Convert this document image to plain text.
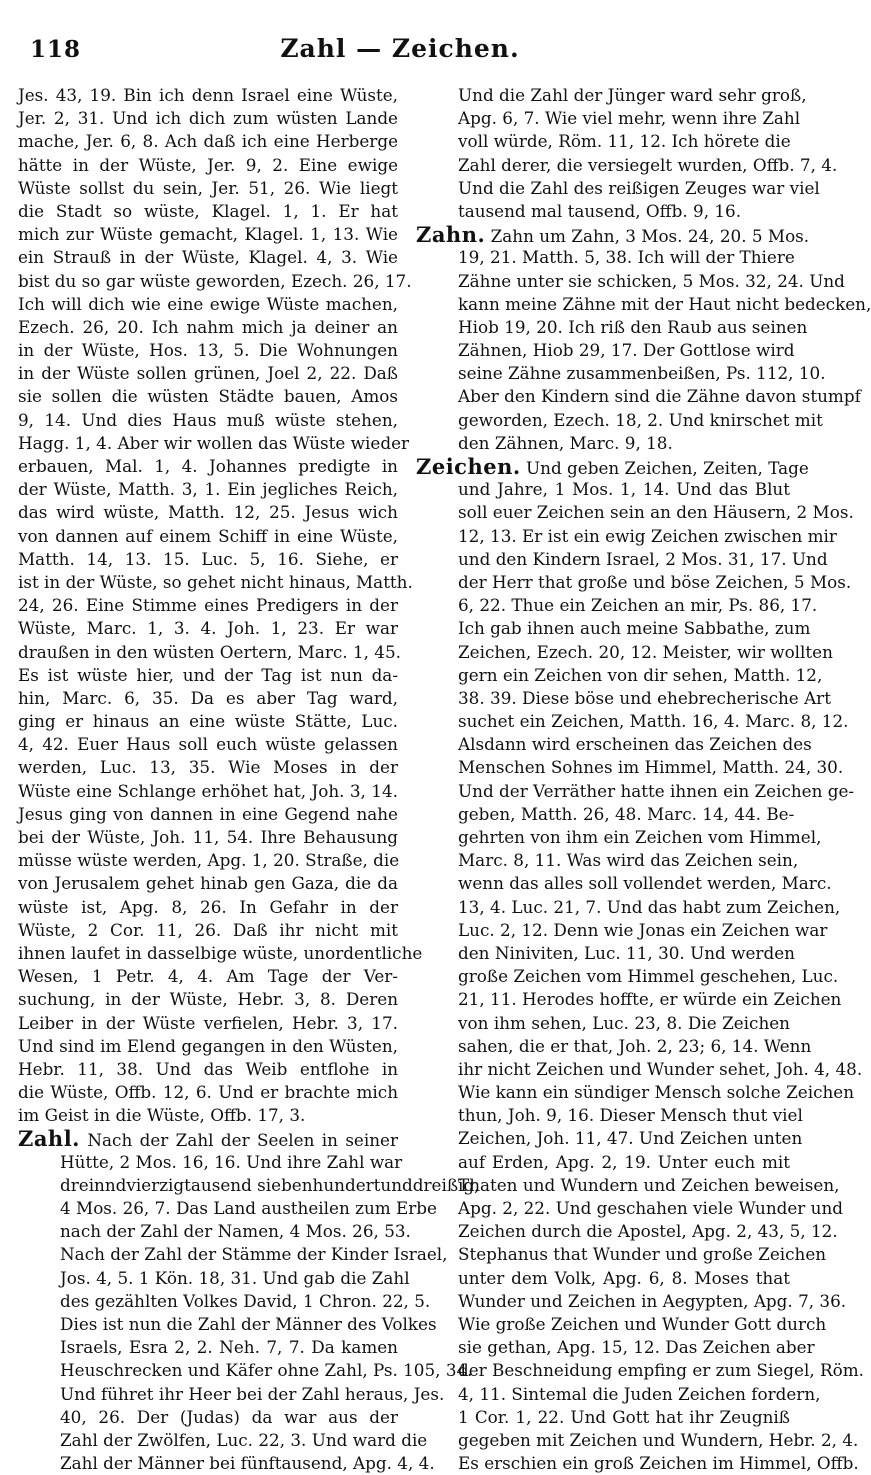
118	Zahl — Zeichen.
Jes. 43, 19. Bin ich denn Israel eine Wüste,
Jer. 2, 31. Und ich dich zum wüsten Lande
mache, Jer. 6, 8. Ach daß ich eine Herberge
hätte in der Wüste, Jer. 9, 2. Eine ewige
Wüste sollst du sein, Jer. 51, 26. Wie liegt
die Stadt so wüste, Klagel. 1, 1. Er hat
mich zur Wüste gemacht, Klagel. 1, 13. Wie
ein Strauß in der Wüste, Klagel. 4, 3. Wie
bist du so gar wüste geworden, Ezech. 26, 17.
Ich will dich wie eine ewige Wüste machen,
Ezech. 26, 20. Ich nahm mich ja deiner an
in der Wüste, Hos. 13, 5. Die Wohnungen
in der Wüste sollen grünen, Joel 2, 22. Daß
sie sollen die wüsten Städte bauen, Amos
9, 14. Und dies Haus muß wüste stehen,
Hagg. 1, 4. Aber wir wollen das Wüste wieder
erbauen, Mal. 1, 4. Johannes predigte in
der Wüste, Matth. 3, 1. Ein jegliches Reich,
das wird wüste, Matth. 12, 25. Jesus wich
von dannen auf einem Schiff in eine Wüste,
Matth. 14, 13. 15. Luc. 5, 16. Siehe, er
ist in der Wüste, so gehet nicht hinaus, Matth.
24, 26. Eine Stimme eines Predigers in der
Wüste, Marc. 1, 3. 4. Joh. 1, 23. Er war
draußen in den wüsten Oertern, Marc. 1, 45.
Es ist wüste hier, und der Tag ist nun da-
hin, Marc. 6, 35. Da es aber Tag ward,
ging er hinaus an eine wüste Stätte, Luc.
4, 42. Euer Haus soll euch wüste gelassen
werden, Luc. 13, 35. Wie Moses in der
Wüste eine Schlange erhöhet hat, Joh. 3, 14.
Jesus ging von dannen in eine Gegend nahe
bei der Wüste, Joh. 11, 54. Ihre Behausung
müsse wüste werden, Apg. 1, 20. Straße, die
von Jerusalem gehet hinab gen Gaza, die da
wüste ist, Apg. 8, 26. In Gefahr in der
Wüste, 2 Cor. 11, 26. Daß ihr nicht mit
ihnen laufet in dasselbige wüste, unordentliche
Wesen, 1 Petr. 4, 4. Am Tage der Ver-
suchung, in der Wüste, Hebr. 3, 8. Deren
Leiber in der Wüste verfielen, Hebr. 3, 17.
Und sind im Elend gegangen in den Wüsten,
Hebr. 11, 38. Und das Weib entflohe in
die Wüste, Offb. 12, 6. Und er brachte mich
im Geist in die Wüste, Offb. 17, 3.
Zahl. Nach der Zahl der Seelen in seiner
Hütte, 2 Mos. 16, 16. Und ihre Zahl war
dreinndvierzigtausend siebenhundertunddreißig,
4 Mos. 26, 7. Das Land austheilen zum Erbe
nach der Zahl der Namen, 4 Mos. 26, 53.
Nach der Zahl der Stämme der Kinder Israel,
Jos. 4, 5. 1 Kön. 18, 31. Und gab die Zahl
des gezählten Volkes David, 1 Chron. 22, 5.
Dies ist nun die Zahl der Männer des Volkes
Israels, Esra 2, 2. Neh. 7, 7. Da kamen
Heuschrecken und Käfer ohne Zahl, Ps. 105, 34.
Und führet ihr Heer bei der Zahl heraus, Jes.
40, 26. Der (Judas) da war aus der
Zahl der Zwölfen, Luc. 22, 3. Und ward die
Zahl der Männer bei fünftausend, Apg. 4, 4.
Und die Zahl der Jünger ward sehr groß,
Apg. 6, 7. Wie viel mehr, wenn ihre Zahl
voll würde, Röm. 11, 12. Ich hörete die
Zahl derer, die versiegelt wurden, Offb. 7, 4.
Und die Zahl des reißigen Zeuges war viel
tausend mal tausend, Offb. 9, 16.
Zahn. Zahn um Zahn, 3 Mos. 24, 20. 5 Mos.
19, 21. Matth. 5, 38. Ich will der Thiere
Zähne unter sie schicken, 5 Mos. 32, 24. Und
kann meine Zähne mit der Haut nicht bedecken,
Hiob 19, 20. Ich riß den Raub aus seinen
Zähnen, Hiob 29, 17. Der Gottlose wird
seine Zähne zusammenbeißen, Ps. 112, 10.
Aber den Kindern sind die Zähne davon stumpf
geworden, Ezech. 18, 2. Und knirschet mit
den Zähnen, Marc. 9, 18.
Zeichen. Und geben Zeichen, Zeiten, Tage
und Jahre, 1 Mos. 1, 14. Und das Blut
soll euer Zeichen sein an den Häusern, 2 Mos.
12, 13. Er ist ein ewig Zeichen zwischen mir
und den Kindern Israel, 2 Mos. 31, 17. Und
der Herr that große und böse Zeichen, 5 Mos.
6, 22. Thue ein Zeichen an mir, Ps. 86, 17.
Ich gab ihnen auch meine Sabbathe, zum
Zeichen, Ezech. 20, 12. Meister, wir wollten
gern ein Zeichen von dir sehen, Matth. 12,
38. 39. Diese böse und ehebrecherische Art
suchet ein Zeichen, Matth. 16, 4. Marc. 8, 12.
Alsdann wird erscheinen das Zeichen des
Menschen Sohnes im Himmel, Matth. 24, 30.
Und der Verräther hatte ihnen ein Zeichen ge-
geben, Matth. 26, 48. Marc. 14, 44. Be-
gehrten von ihm ein Zeichen vom Himmel,
Marc. 8, 11. Was wird das Zeichen sein,
wenn das alles soll vollendet werden, Marc.
13, 4. Luc. 21, 7. Und das habt zum Zeichen,
Luc. 2, 12. Denn wie Jonas ein Zeichen war
den Niniviten, Luc. 11, 30. Und werden
große Zeichen vom Himmel geschehen, Luc.
21, 11. Herodes hoffte, er würde ein Zeichen
von ihm sehen, Luc. 23, 8. Die Zeichen
sahen, die er that, Joh. 2, 23; 6, 14. Wenn
ihr nicht Zeichen und Wunder sehet, Joh. 4, 48.
Wie kann ein sündiger Mensch solche Zeichen
thun, Joh. 9, 16. Dieser Mensch thut viel
Zeichen, Joh. 11, 47. Und Zeichen unten
auf Erden, Apg. 2, 19. Unter euch mit
Thaten und Wundern und Zeichen beweisen,
Apg. 2, 22. Und geschahen viele Wunder und
Zeichen durch die Apostel, Apg. 2, 43, 5, 12.
Stephanus that Wunder und große Zeichen
unter dem Volk, Apg. 6, 8. Moses that
Wunder und Zeichen in Aegypten, Apg. 7, 36.
Wie große Zeichen und Wunder Gott durch
sie gethan, Apg. 15, 12. Das Zeichen aber
der Beschneidung empfing er zum Siegel, Röm.
4, 11. Sintemal die Juden Zeichen fordern,
1 Cor. 1, 22. Und Gott hat ihr Zeugniß
gegeben mit Zeichen und Wundern, Hebr. 2, 4.
Es erschien ein groß Zeichen im Himmel, Offb.
